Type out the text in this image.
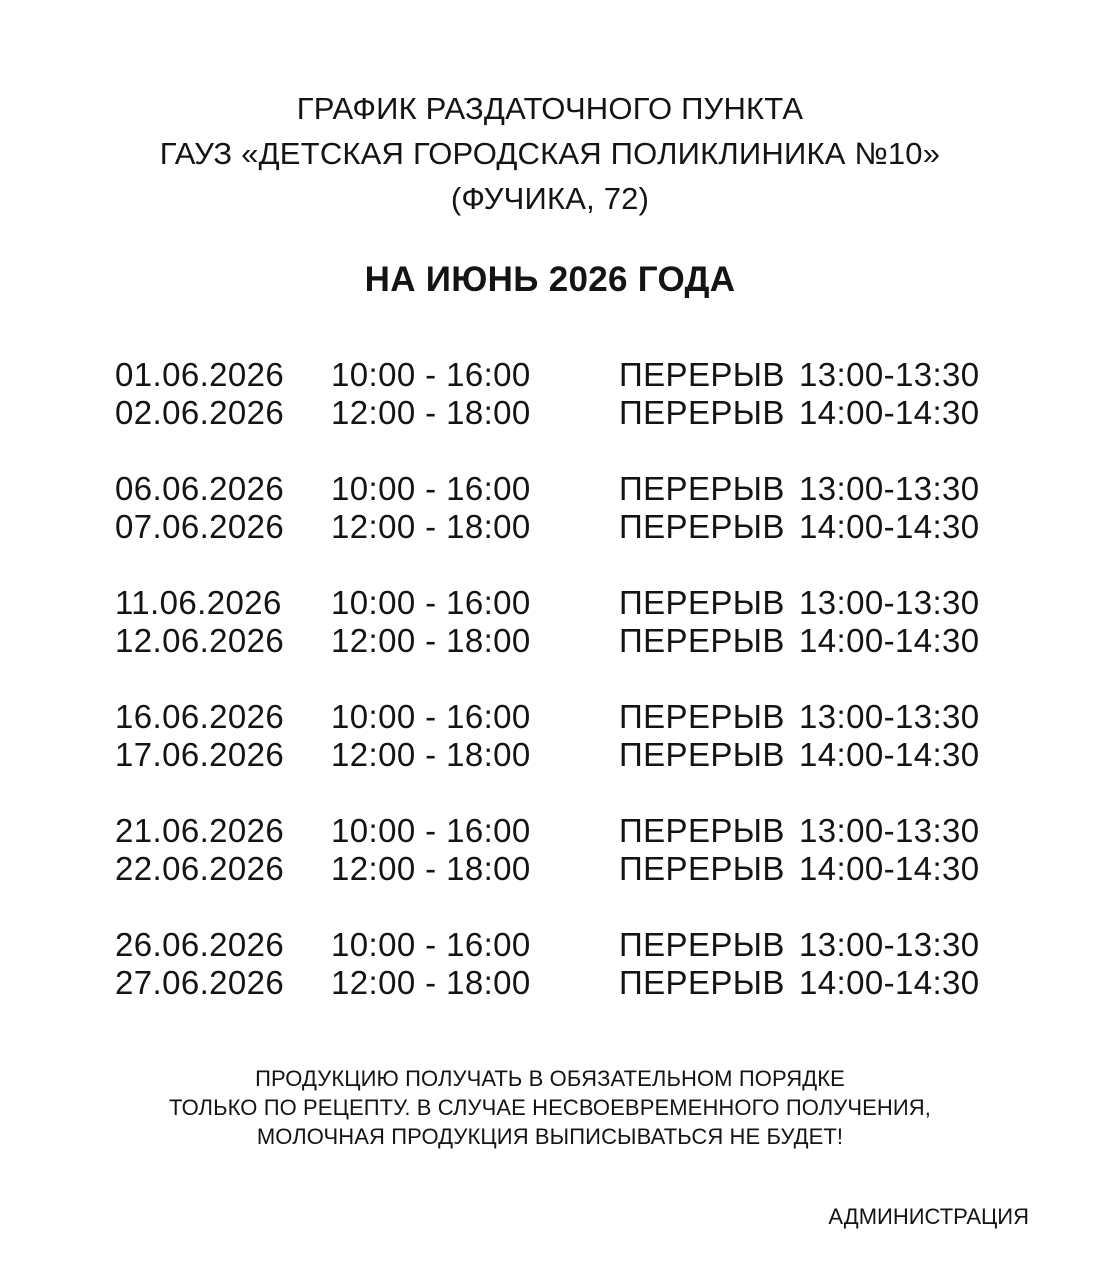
ГРАФИК РАЗДАТОЧНОГО ПУНКТА
ГАУЗ «ДЕТСКАЯ ГОРОДСКАЯ ПОЛИКЛИНИКА №10»
(ФУЧИКА, 72)
НА ИЮНЬ 2026 ГОДА
01.06.2026 10:00 - 16:00	ПЕРЕРЫВ 13:00-13:30
02.06.2026 12:00 - 18:00	ПЕРЕРЫВ 14:00-14:30
06.06.2026 10:00 - 16:00	ПЕРЕРЫВ 13:00-13:30
07.06.2026 12:00 - 18:00	ПЕРЕРЫВ 14:00-14:30
11.06.2026 10:00 - 16:00	ПЕРЕРЫВ 13:00-13:30
12.06.2026 12:00 - 18:00	ПЕРЕРЫВ 14:00-14:30
16.06.2026 10:00 - 16:00	ПЕРЕРЫВ 13:00-13:30
17.06.2026 12:00 - 18:00	ПЕРЕРЫВ 14:00-14:30
21.06.2026 10:00 - 16:00	ПЕРЕРЫВ 13:00-13:30
22.06.2026 12:00 - 18:00	ПЕРЕРЫВ 14:00-14:30
26.06.2026 10:00 - 16:00	ПЕРЕРЫВ 13:00-13:30
27.06.2026 12:00 - 18:00	ПЕРЕРЫВ 14:00-14:30
ПРОДУКЦИЮ ПОЛУЧАТЬ В ОБЯЗАТЕЛЬНОМ ПОРЯДКЕ
ТОЛЬКО ПО РЕЦЕПТУ. В СЛУЧАЕ НЕСВОЕВРЕМЕННОГО ПОЛУЧЕНИЯ,
МОЛОЧНАЯ ПРОДУКЦИЯ ВЫПИСЫВАТЬСЯ НЕ БУДЕТ!
АДМИНИСТРАЦИЯ
